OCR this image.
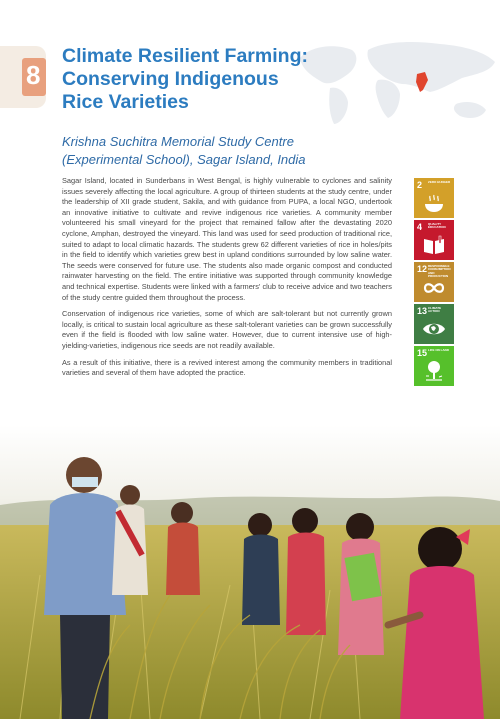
8
Climate Resilient Farming:
Conserving Indigenous
Rice Varieties
Krishna Suchitra Memorial Study Centre
(Experimental School), Sagar Island, India

Sagar Island, located in Sunderbans in West Bengal, is highly vulnerable to cyclones and salinity issues severely affecting the local agriculture. A group of thirteen students at the study centre, under the leadership of XII grade student, Sakila, and with guidance from PUPA, a local NGO, undertook an innovative initiative to cultivate and revive indigenous rice varieties. A community member volunteered his small vineyard for the project that remained fallow after the devastating 2020 cyclone, Amphan, destroyed the vineyard. This land was used for seed production of traditional rice, suited to adapt to local climatic hazards. The students grew 62 different varieties of rice in holes/pits in the field to identify which varieties grew best in upland conditions surrounded by low saline water. The seeds were conserved for future use. The students also made organic compost and conducted rainwater harvesting on the field. The entire initiative was supported through community knowledge and technical expertise. Students were linked with a farmers' club to receive advice and two teachers of the study centre guided them throughout the process.

Conservation of indigenous rice varieties, some of which are salt-tolerant but not currently grown locally, is critical to sustain local agriculture as these salt-tolerant varieties can be grown successfully even if the field is flooded with low saline water. However, due to current intensive use of high-yielding-varieties, indigenous rice seeds are not readily available.

As a result of this initiative, there is a revived interest among the community members in traditional varieties and several of them have adopted the practice.

2 ZERO HUNGER
4 QUALITY EDUCATION
12 RESPONSIBLE CONSUMPTION AND PRODUCTION
13 CLIMATE ACTION
15 LIFE ON LAND
